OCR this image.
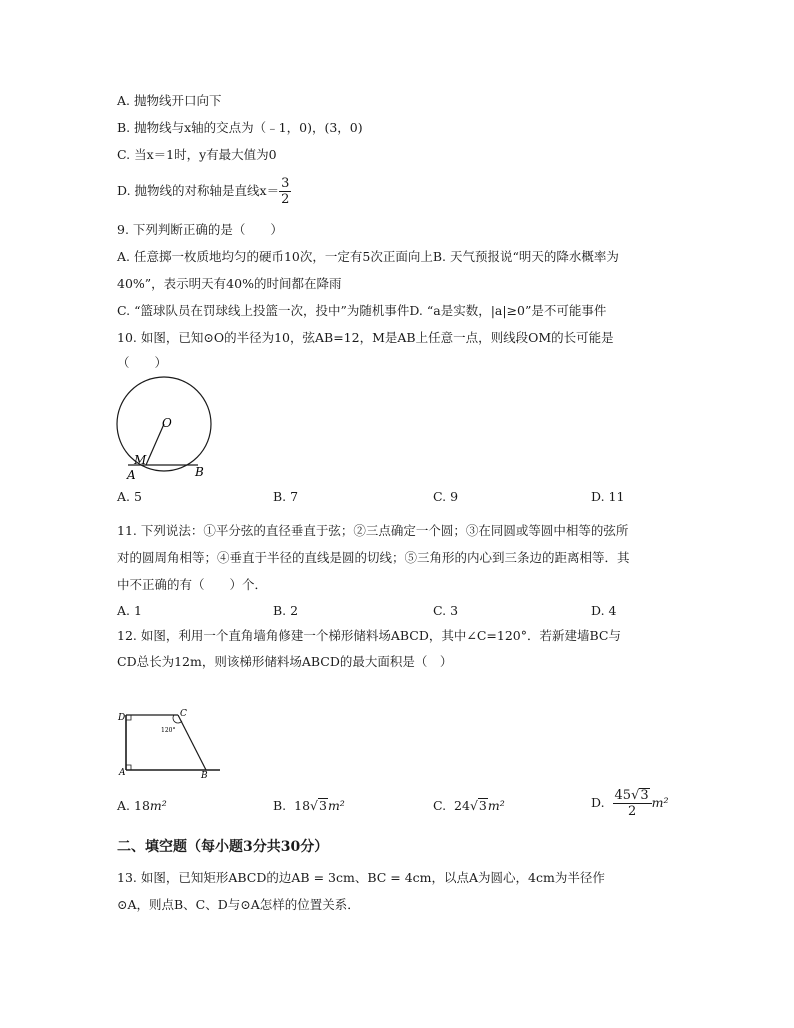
A. 抛物线开口向下
B. 抛物线与x轴的交点为（﹣1，0)，(3，0)
C. 当x＝1时，y有最大值为0
D. 抛物线的对称轴是直线$x= \frac{3}{2}$
9. 下列判断正确的是（　　）
A. 任意掷一枚质地均匀的硬币10次，一定有5次正面向上B. 天气预报说“明天的降水概率为
40%”，表示明天有40%的时间都在降雨
C. “篮球队员在罚球线上投篮一次，投中”为随机事件D. “a是实数，|a|≥0”是不可能事件
10. 如图，已知⊙O的半径为10，弦AB=12，M是AB上任意一点，则线段OM的长可能是
（　　）
O
M
A	B
A. 5	B. 7	C. 9	D. 11
11. 下列说法：①平分弦的直径垂直于弦；②三点确定一个圆；③在同圆或等圆中相等的弦所
对的圆周角相等；④垂直于半径的直线是圆的切线；⑤三角形的内心到三条边的距离相等．其
中不正确的有（　　）个．
A. 1	B. 2	C. 3	D. 4
12. 如图，利用一个直角墙角修建一个梯形储料场ABCD，其中∠C=120°．若新建墙BC与
CD总长为12m，则该梯形储料场ABCD的最大面积是（　）
D	C
A	B
120°
A. 18m²	B. 18√3m²	C. 24√3m²	D. $\frac{45√3}{2} m^2$
二、填空题（每小题3分共30分）
13. 如图，已知矩形ABCD的边AB = 3cm、BC = 4cm，以点A为圆心，4cm为半径作
⊙A，则点B、C、D与⊙A怎样的位置关系．
